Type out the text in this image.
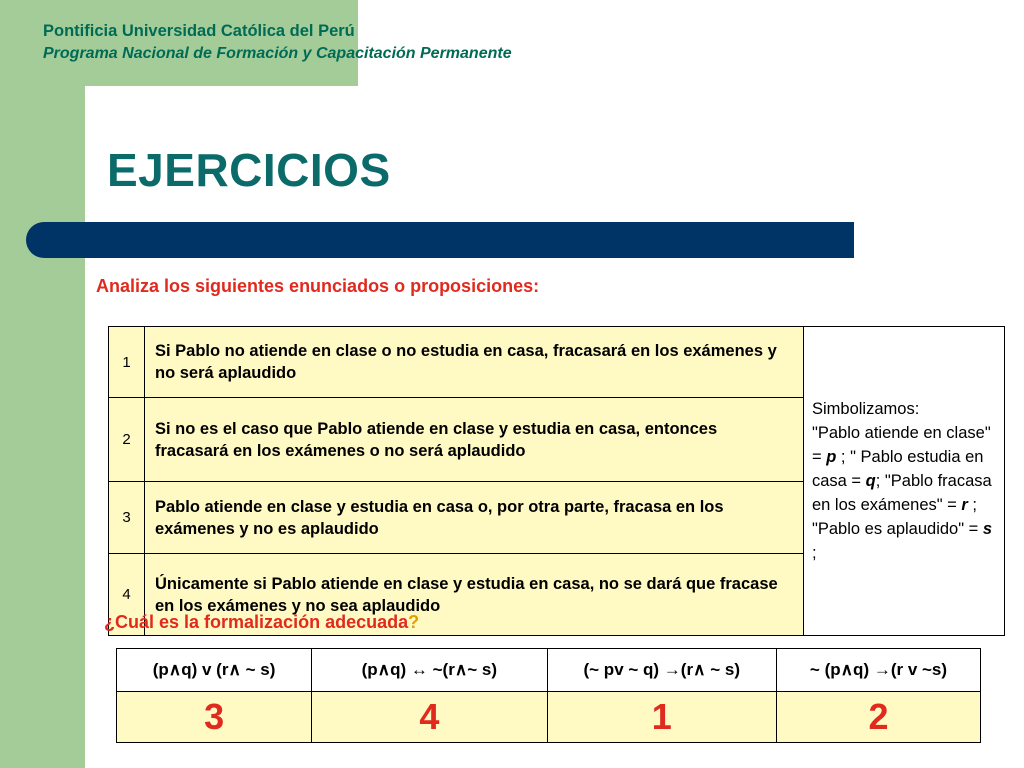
Pontificia Universidad Católica del Perú

Programa Nacional de Formación y Capacitación Permanente

EJERCICIOS

Analiza los siguientes enunciados o proposiciones:

1	Si Pablo no atiende en clase o no estudia en casa, fracasará en los exámenes y no será aplaudido	Simbolizamos:
"Pablo atiende en clase" = p ; " Pablo estudia en casa = q; "Pablo fracasa en los exámenes" = r ; "Pablo es aplaudido" = s ;
2	Si no es el caso que Pablo atiende en clase y estudia en casa, entonces fracasará en los exámenes o no será aplaudido	
3	Pablo atiende en clase y estudia en casa o, por otra parte, fracasa en los exámenes y no es aplaudido	
4	Únicamente si Pablo atiende en clase y estudia en casa, no se dará que fracase en los exámenes y no sea aplaudido	

¿Cuál es la formalización adecuada?

(p∧q) v (r∧ ~ s)	(p∧q) ↔ ~(r∧~ s)	(~ pv ~ q) →(r∧ ~ s)	~ (p∧q) →(r v ~s)
3	4	1	2
